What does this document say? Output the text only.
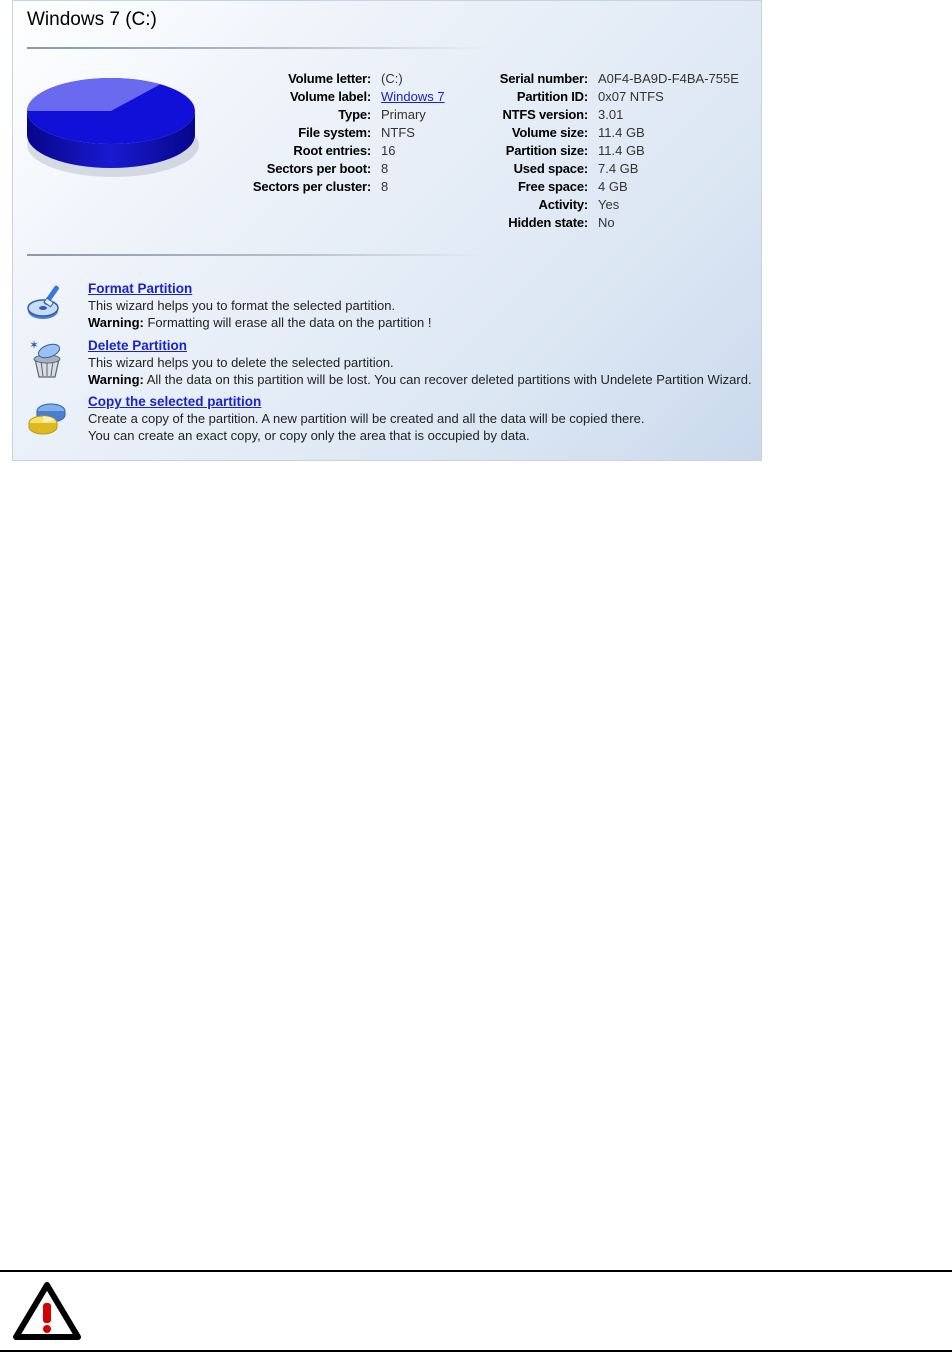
Windows 7 (C:)
Volume letter: (C:)
Volume label: Windows 7
Type: Primary
File system: NTFS
Root entries: 16
Sectors per boot: 8
Sectors per cluster: 8
Serial number: A0F4-BA9D-F4BA-755E
Partition ID: 0x07 NTFS
NTFS version: 3.01
Volume size: 11.4 GB
Partition size: 11.4 GB
Used space: 7.4 GB
Free space: 4 GB
Activity: Yes
Hidden state: No
Format Partition
This wizard helps you to format the selected partition.
Warning: Formatting will erase all the data on the partition !
✶	Delete Partition
This wizard helps you to delete the selected partition.
Warning: All the data on this partition will be lost. You can recover deleted partitions with Undelete Partition Wizard.
Copy the selected partition
Create a copy of the partition. A new partition will be created and all the data will be copied there.
You can create an exact copy, or copy only the area that is occupied by data.
